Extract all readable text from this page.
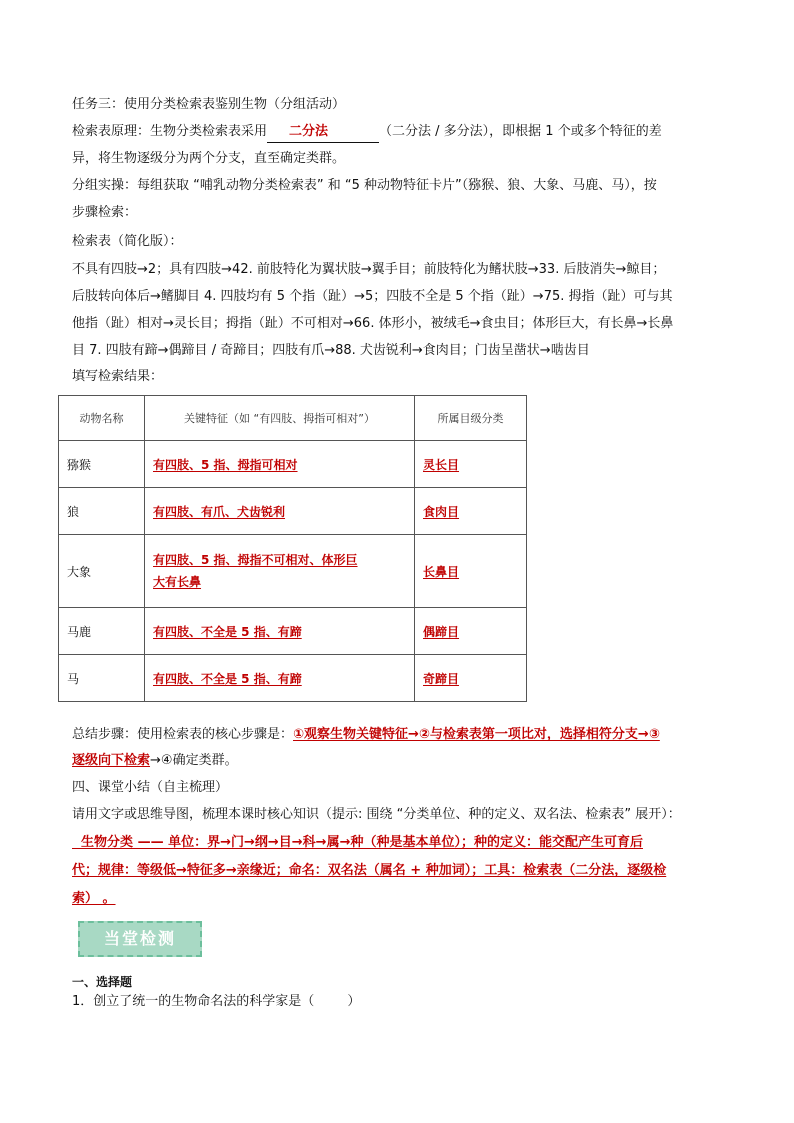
任务三：使用分类检索表鉴别生物（分组活动）
检索表原理：生物分类检索表采用 二分法	（二分法 / 多分法），即根据 1 个或多个特征的差
异，将生物逐级分为两个分支，直至确定类群。
分组实操：每组获取 “哺乳动物分类检索表” 和 “5 种动物特征卡片”（猕猴、狼、大象、马鹿、马），按
步骤检索：
检索表（简化版）：
不具有四肢→2；具有四肢→42. 前肢特化为翼状肢→翼手目；前肢特化为鳍状肢→33. 后肢消失→鲸目；
后肢转向体后→鳍脚目 4. 四肢均有 5 个指（趾）→5；四肢不全是 5 个指（趾）→75. 拇指（趾）可与其
他指（趾）相对→灵长目；拇指（趾）不可相对→66. 体形小，被绒毛→食虫目；体形巨大，有长鼻→长鼻
目 7. 四肢有蹄→偶蹄目 / 奇蹄目；四肢有爪→88. 犬齿锐利→食肉目；门齿呈凿状→啮齿目
填写检索结果：
动物名称	关键特征（如 “有四肢、拇指可相对”）	所属目级分类
猕猴	有四肢、5 指、拇指可相对	灵长目
狼	有四肢、有爪、犬齿锐利	食肉目
大象	有四肢、5 指、拇指不可相对、体形巨
大有长鼻	长鼻目
马鹿	有四肢、不全是 5 指、有蹄	偶蹄目
马	有四肢、不全是 5 指、有蹄	奇蹄目
总结步骤：使用检索表的核心步骤是：①观察生物关键特征→②与检索表第一项比对，选择相符分支→③
逐级向下检索→④确定类群。
四、课堂小结（自主梳理）
请用文字或思维导图，梳理本课时核心知识（提示: 围绕 “分类单位、种的定义、双名法、检索表” 展开）：
生物分类 —— 单位：界→门→纲→目→科→属→种（种是基本单位）；种的定义：能交配产生可育后
代；规律：等级低→特征多→亲缘近；命名：双名法（属名 + 种加词）；工具：检索表（二分法，逐级检
索） 。
当堂检测
一、选择题
1．创立了统一的生物命名法的科学家是（        ）
